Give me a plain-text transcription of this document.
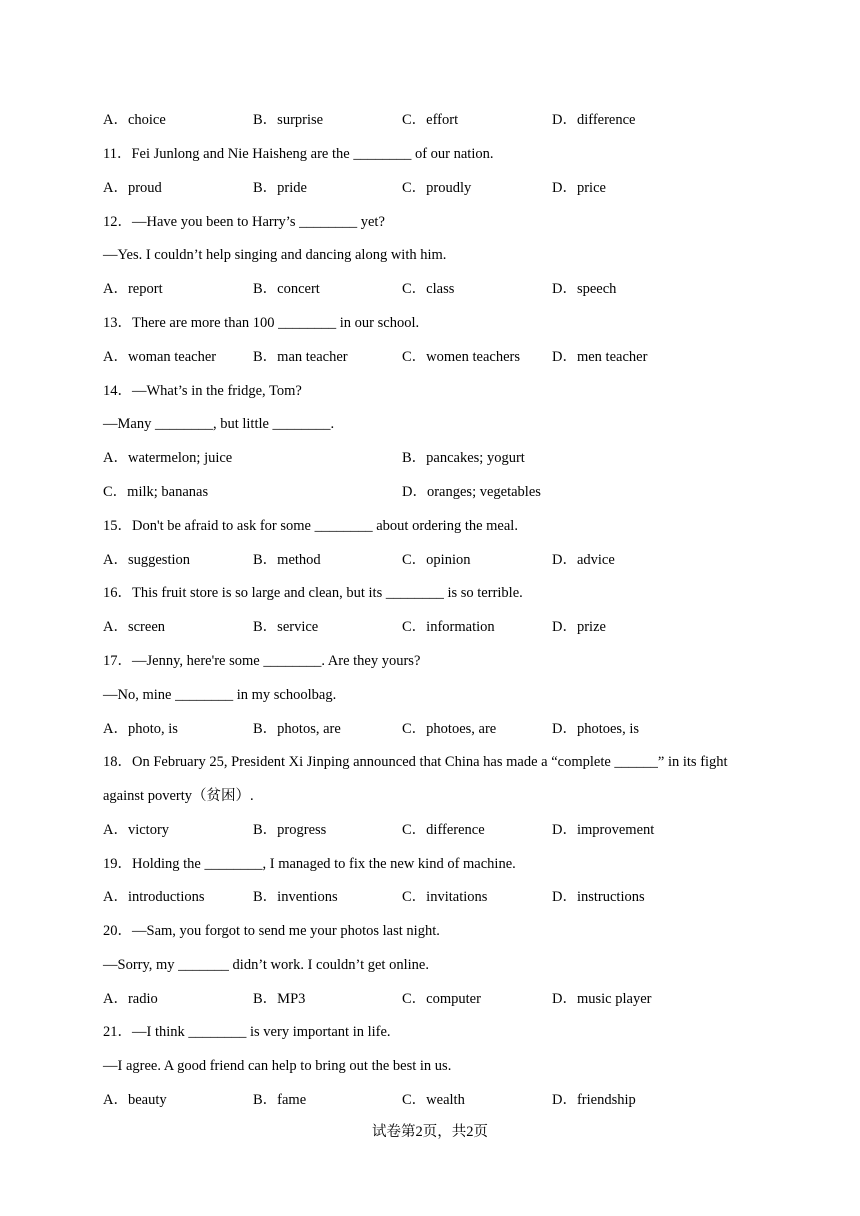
A．choice	B．surprise	C．effort	D．difference
11．Fei Junlong and Nie Haisheng are the ________ of our nation.
A．proud	B．pride	C．proudly	D．price
12．—Have you been to Harry’s ________ yet?
—Yes. I couldn’t help singing and dancing along with him.
A．report	B．concert	C．class	D．speech
13．There are more than 100 ________ in our school.
A．woman teacher	B．man teacher	C．women teachers D．men teacher
14．—What’s in the fridge, Tom?
—Many ________, but little ________.
A．watermelon; juice	B．pancakes; yogurt
C．milk; bananas	D．oranges; vegetables
15．Don't be afraid to ask for some ________ about ordering the meal.
A．suggestion	B．method	C．opinion	D．advice
16．This fruit store is so large and clean, but its ________ is so terrible.
A．screen	B．service	C．information	D．prize
17．—Jenny, here're some ________. Are they yours?
—No, mine ________ in my schoolbag.
A．photo, is	B．photos, are	C．photoes, are	D．photoes, is
18．On February 25, President Xi Jinping announced that China has made a “complete ______” in its fight
against poverty（贫困）.
A．victory	B．progress	C．difference	D．improvement
19．Holding the ________, I managed to fix the new kind of machine.
A．introductions	B．inventions	C．invitations	D．instructions
20．—Sam, you forgot to send me your photos last night.
—Sorry, my _______ didn’t work. I couldn’t get online.
A．radio	B．MP3	C．computer	D．music player
21．—I think ________ is very important in life.
—I agree. A good friend can help to bring out the best in us.
A．beauty	B．fame	C．wealth	D．friendship
试卷第2页，共2页
